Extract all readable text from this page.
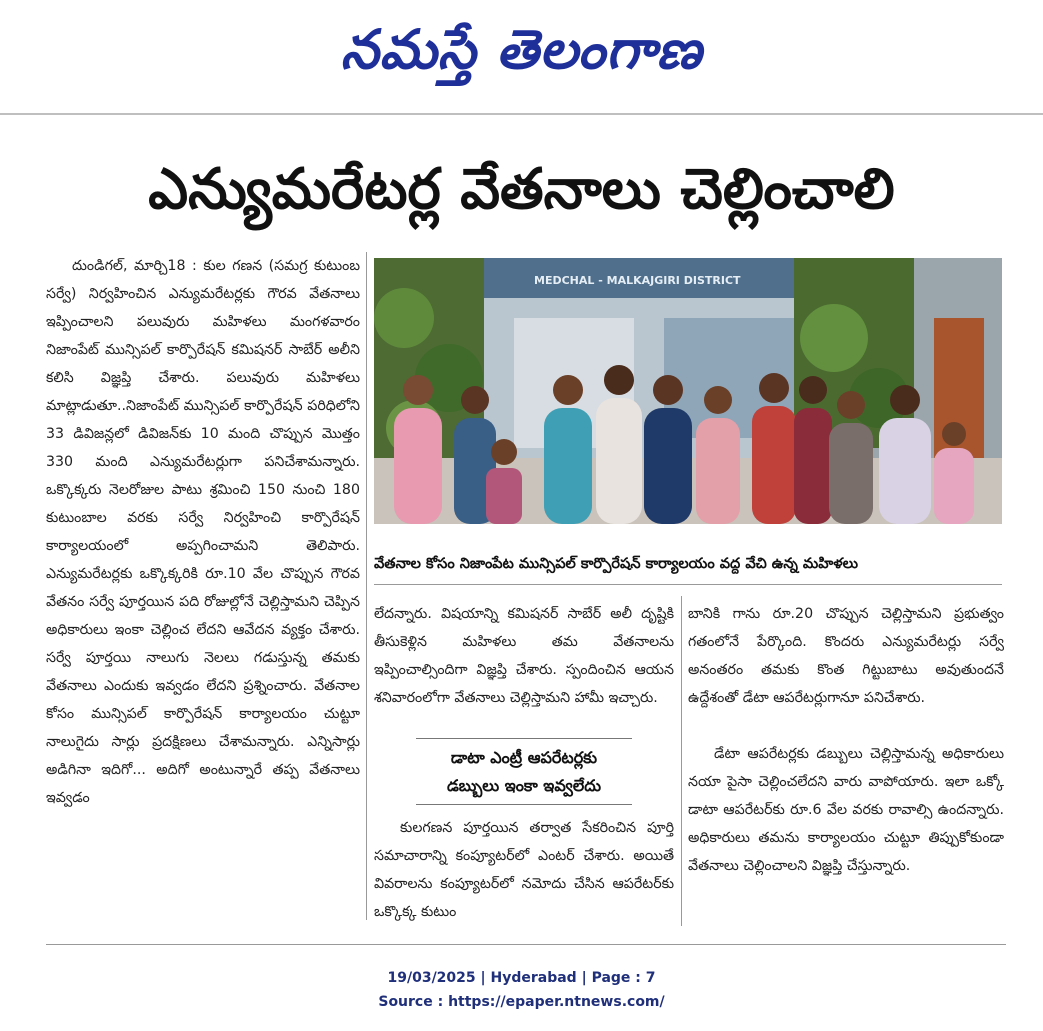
నమస్తే తెలంగాణ
ఎన్యుమరేటర్ల వేతనాలు చెల్లించాలి

దుండిగల్, మార్చి18 : కుల గణన (సమగ్ర కుటుంబ సర్వే) నిర్వహించిన ఎన్యుమరేటర్లకు గౌరవ వేతనాలు ఇప్పించాలని పలువురు మహిళలు మంగళవారం నిజాంపేట్ మున్సిపల్ కార్పొరేషన్ కమిషనర్ సాబేర్ అలీని కలిసి విజ్ఞప్తి చేశారు. పలువురు మహిళలు మాట్లాడుతూ..నిజాంపేట్ మున్సిపల్ కార్పొరేషన్ పరిధిలోని 33 డివిజన్లలో డివిజన్‌కు 10 మంది చొప్పున మొత్తం 330 మంది ఎన్యుమరేటర్లుగా పనిచేశామన్నారు. ఒక్కొక్కరు నెలరోజుల పాటు శ్రమించి 150 నుంచి 180 కుటుంబాల వరకు సర్వే నిర్వహించి కార్పొరేషన్ కార్యాలయంలో అప్పగించామని తెలిపారు. ఎన్యుమరేటర్లకు ఒక్కొక్కరికి రూ.10 వేల చొప్పున గౌరవ వేతనం సర్వే పూర్తయిన పది రోజుల్లోనే చెల్లిస్తామని చెప్పిన అధికారులు ఇంకా చెల్లించ లేదని ఆవేదన వ్యక్తం చేశారు. సర్వే పూర్తయి నాలుగు నెలలు గడుస్తున్న తమకు వేతనాలు ఎందుకు ఇవ్వడం లేదని ప్రశ్నించారు. వేతనాల కోసం మున్సిపల్ కార్పొరేషన్ కార్యాలయం చుట్టూ నాలుగైదు సార్లు ప్రదక్షిణలు చేశామన్నారు. ఎన్నిసార్లు అడిగినా ఇదిగో... అదిగో అంటున్నారే తప్ప వేతనాలు ఇవ్వడం

MEDCHAL - MALKAJGIRI DISTRICT
వేతనాల కోసం నిజాంపేట మున్సిపల్ కార్పొరేషన్ కార్యాలయం వద్ద వేచి ఉన్న మహిళలు

లేదన్నారు. విషయాన్ని కమిషనర్ సాబేర్ అలీ దృష్టికి తీసుకెళ్లిన మహిళలు తమ వేతనాలను ఇప్పించాల్సిందిగా విజ్ఞప్తి చేశారు. స్పందించిన ఆయన శనివారంలోగా వేతనాలు చెల్లిస్తామని హామీ ఇచ్చారు.

డాటా ఎంట్రీ ఆపరేటర్లకు
డబ్బులు ఇంకా ఇవ్వలేదు

కులగణన పూర్తయిన తర్వాత సేకరించిన పూర్తి సమాచారాన్ని కంప్యూటర్‌లో ఎంటర్ చేశారు. అయితే వివరాలను కంప్యూటర్‌లో నమోదు చేసిన ఆపరేటర్‌కు ఒక్కొక్క కుటుం

బానికి గాను రూ.20 చొప్పున చెల్లిస్తామని ప్రభుత్వం గతంలోనే పేర్కొంది. కొందరు ఎన్యుమరేటర్లు సర్వే అనంతరం తమకు కొంత గిట్టుబాటు అవుతుందనే ఉద్దేశంతో డేటా ఆపరేటర్లుగానూ పనిచేశారు.

డేటా ఆపరేటర్లకు డబ్బులు చెల్లిస్తామన్న అధికారులు నయా పైసా చెల్లించలేదని వారు వాపోయారు. ఇలా ఒక్కో డాటా ఆపరేటర్‌కు రూ.6 వేల వరకు రావాల్సి ఉందన్నారు. అధికారులు తమను కార్యాలయం చుట్టూ తిప్పుకోకుండా వేతనాలు చెల్లించాలని విజ్ఞప్తి చేస్తున్నారు.

19/03/2025 | Hyderabad | Page : 7
Source : https://epaper.ntnews.com/
